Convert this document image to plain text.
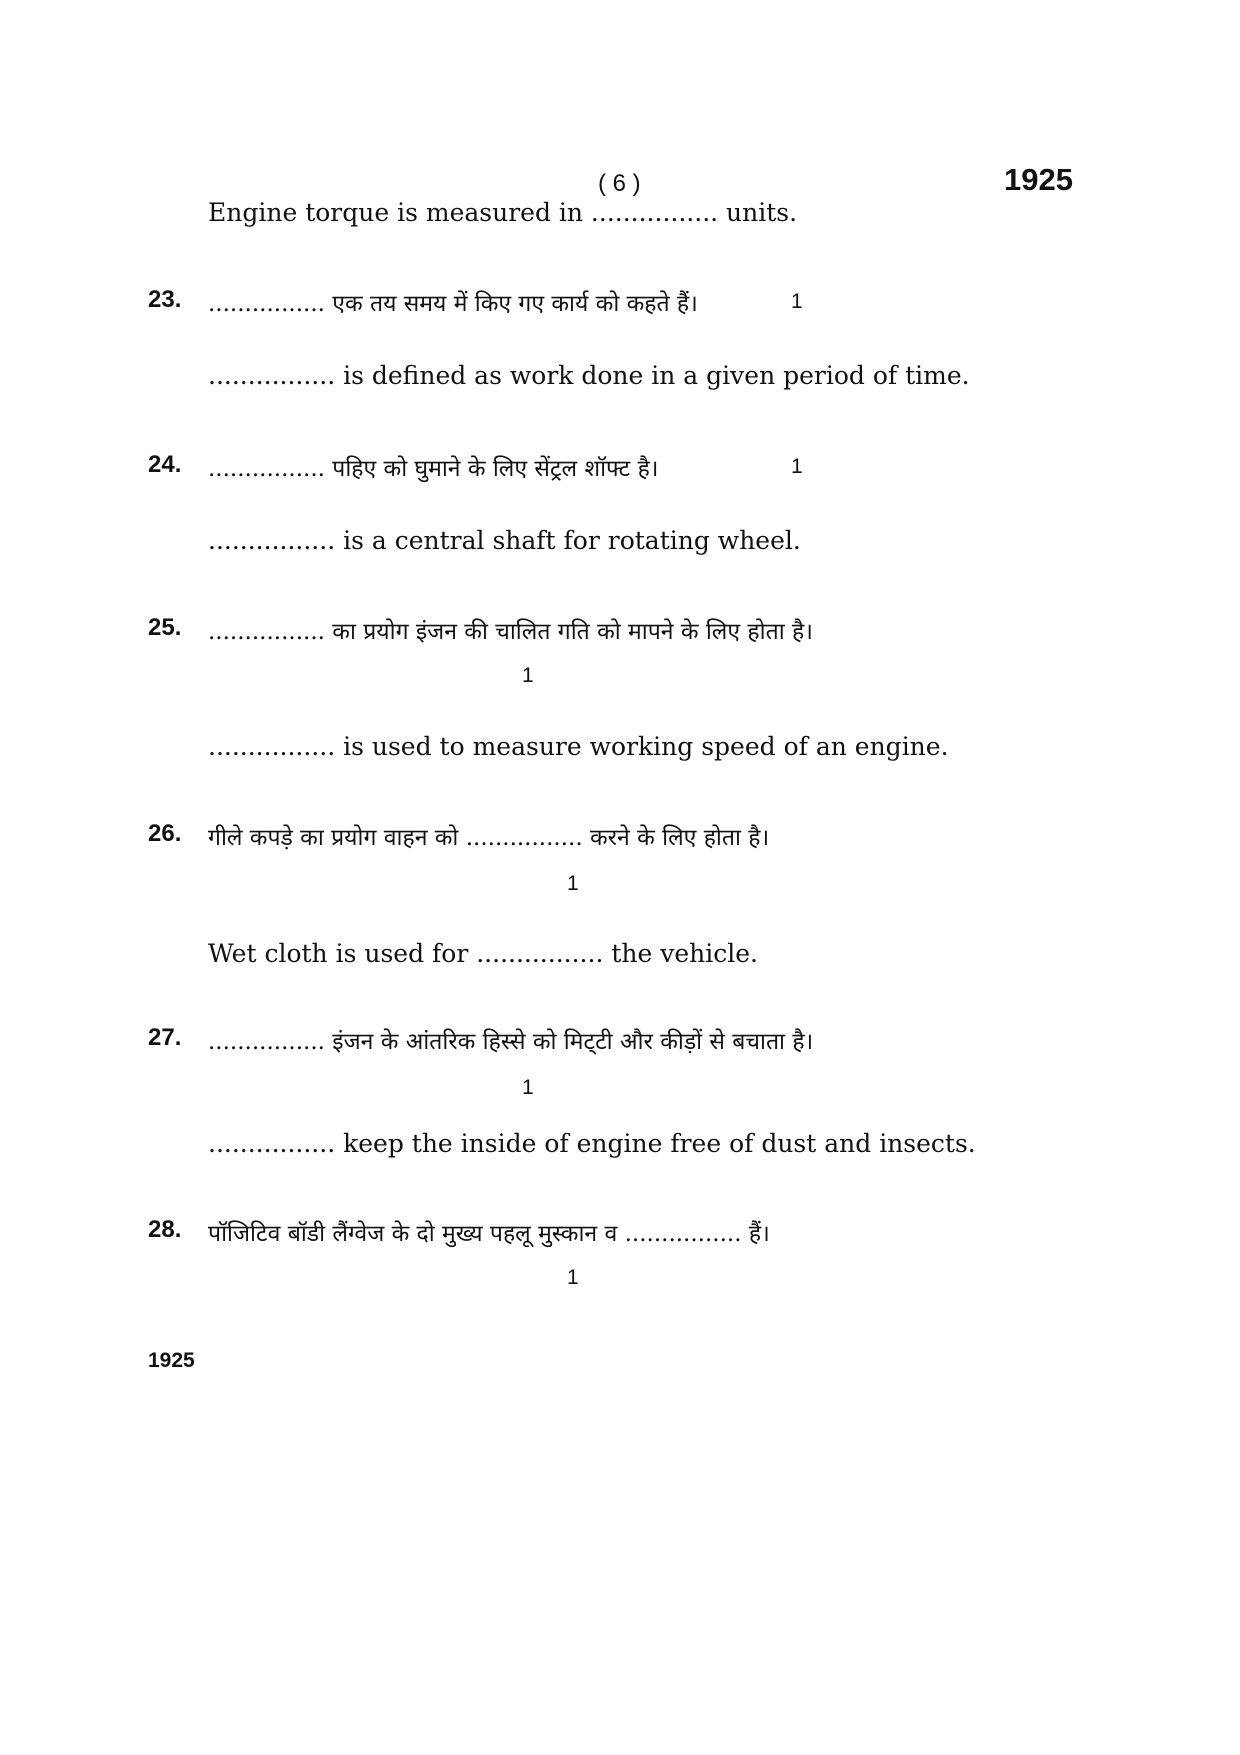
( 6 )	1925
Engine torque is measured in ................ units.
23. ................ एक तय समय में किए गए कार्य को कहते हैं।	1
................ is defined as work done in a given period of time.
24. ................ पहिए को घुमाने के लिए सेंट्रल शॉफ्ट है।	1
................ is a central shaft for rotating wheel.
25. ................ का प्रयोग इंजन की चालित गति को मापने के लिए होता है।
1
................ is used to measure working speed of an engine.
26. गीले कपड़े का प्रयोग वाहन को ................ करने के लिए होता है।
1
Wet cloth is used for ................ the vehicle.
27. ................ इंजन के आंतरिक हिस्से को मिट्‌टी और कीड़ों से बचाता है।
1
................ keep the inside of engine free of dust and insects.
28. पॉजिटिव बॉडी लैंग्वेज के दो मुख्य पहलू मुस्कान व ................ हैं।
1
1925
